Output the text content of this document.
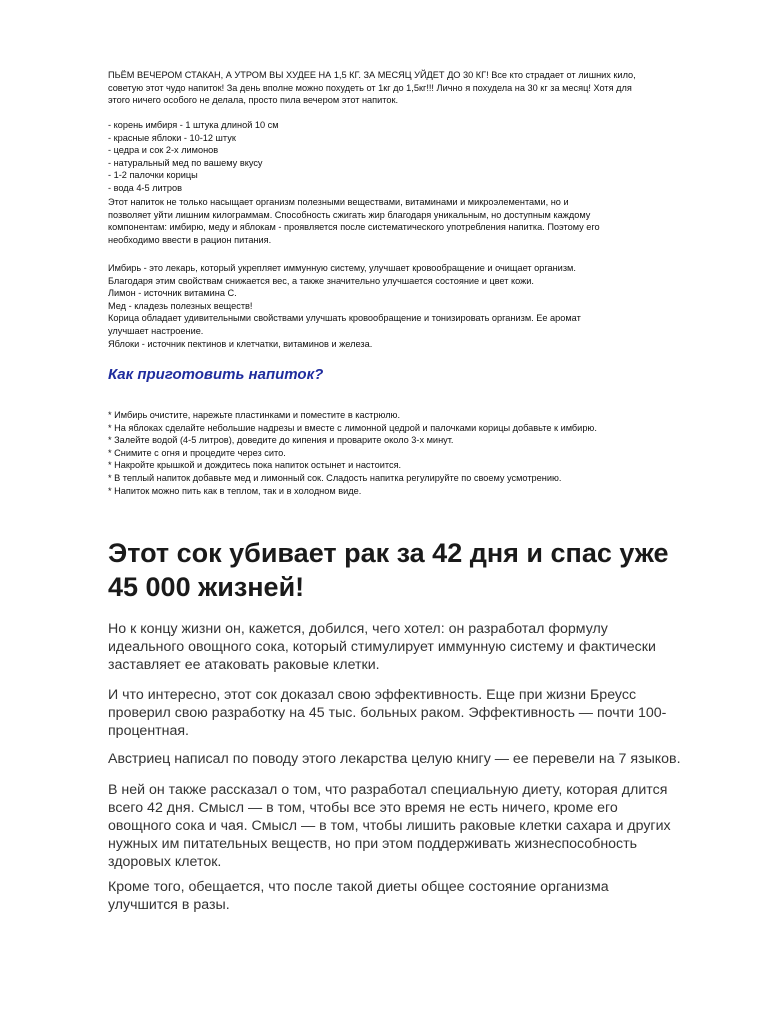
ПЬЁМ ВЕЧЕРОМ СТАКАН, А УТРОМ ВЫ ХУДЕЕ НА 1,5 КГ. ЗА МЕСЯЦ УЙДЕТ ДО 30 КГ! Все кто страдает от лишних кило,
советую этот чудо напиток! За день вполне можно похудеть от 1кг до 1,5кг!!! Лично я похудела на 30 кг за месяц! Хотя для
этого ничего особого не делала, просто пила вечером этот напиток.

- корень имбиря - 1 штука длиной 10 см
- красные яблоки - 10-12 штук
- цедра и сок 2-х лимонов
- натуральный мед по вашему вкусу
- 1-2 палочки корицы
- вода 4-5 литров

Этот напиток не только насыщает организм полезными веществами, витаминами и микроэлементами, но и
позволяет уйти лишним килограммам. Способность сжигать жир благодаря уникальным, но доступным каждому
компонентам: имбирю, меду и яблокам - проявляется после систематического употребления напитка. Поэтому его
необходимо ввести в рацион питания.

Имбирь - это лекарь, который укрепляет иммунную систему, улучшает кровообращение и очищает организм.
Благодаря этим свойствам снижается вес, а также значительно улучшается состояние и цвет кожи.
Лимон - источник витамина С.
Мед - кладезь полезных веществ!
Корица обладает удивительными свойствами улучшать кровообращение и тонизировать организм. Ее аромат
улучшает настроение.
Яблоки - источник пектинов и клетчатки, витаминов и железа.
Как приготовить напиток?
* Имбирь очистите, нарежьте пластинками и поместите в кастрюлю.
* На яблоках сделайте небольшие надрезы и вместе с лимонной цедрой и палочками корицы добавьте к имбирю.
* Залейте водой (4-5 литров), доведите до кипения и проварите около 3-х минут.
* Снимите с огня и процедите через сито.
* Накройте крышкой и дождитесь пока напиток остынет и настоится.
* В теплый напиток добавьте мед и лимонный сок. Сладость напитка регулируйте по своему усмотрению.
* Напиток можно пить как в теплом, так и в холодном виде.
Этот сок убивает рак за 42 дня и спас уже
45 000 жизней!

Но к концу жизни он, кажется, добился, чего хотел: он разработал формулу
идеального овощного сока, который стимулирует иммунную систему и фактически
заставляет ее атаковать раковые клетки.

И что интересно, этот сок доказал свою эффективность. Еще при жизни Бреусс
проверил свою разработку на 45 тыс. больных раком. Эффективность — почти 100-
процентная.

Австриец написал по поводу этого лекарства целую книгу — ее перевели на 7 языков.

В ней он также рассказал о том, что разработал специальную диету, которая длится
всего 42 дня. Смысл — в том, чтобы все это время не есть ничего, кроме его
овощного сока и чая. Смысл — в том, чтобы лишить раковые клетки сахара и других
нужных им питательных веществ, но при этом поддерживать жизнеспособность
здоровых клеток.

Кроме того, обещается, что после такой диеты общее состояние организма
улучшится в разы.
